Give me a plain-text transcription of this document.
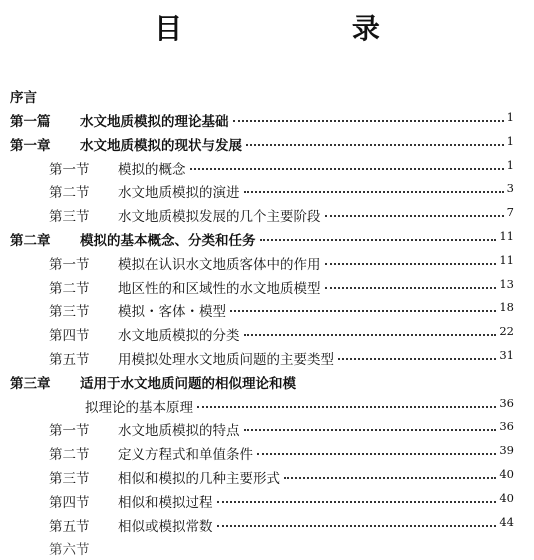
目 录
序言
第一篇 水文地质模拟的理论基础	1
第一章 水文地质模拟的现状与发展	1
第一节 模拟的概念	1
第二节 水文地质模拟的演进	3
第三节 水文地质模拟发展的几个主要阶段	7
第二章 模拟的基本概念、分类和任务	11
第一节 模拟在认识水文地质客体中的作用	11
第二节 地区性的和区域性的水文地质模型	13
第三节 模拟・客体・模型	18
第四节 水文地质模拟的分类	22
第五节 用模拟处理水文地质问题的主要类型	31
第三章 适用于水文地质问题的相似理论和模
拟理论的基本原理	36
第一节 水文地质模拟的特点	36
第二节 定义方程式和单值条件	39
第三节 相似和模拟的几种主要形式	40
第四节 相似和模拟过程	40
第五节 相似或模拟常数	44
第六节
